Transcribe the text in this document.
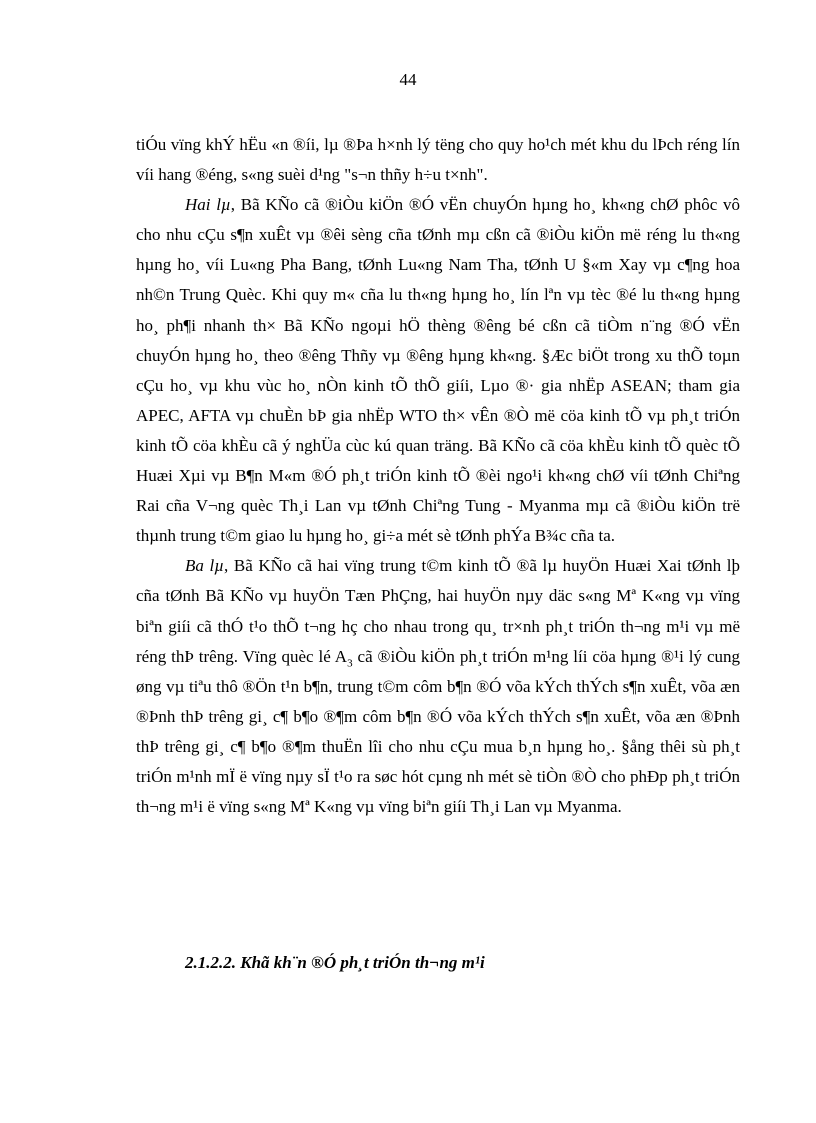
44

tiÓu vïng khÝ hËu «n ®íi, lµ ®Þa h×nh lý tëng cho quy ho¹ch mét khu du lÞch réng lín víi hang ®éng, s«ng suèi d¹ng "s¬n thñy h÷u t×nh".

Hai lµ, Bã KÑo cã ®iÒu kiÖn ®Ó vËn chuyÓn hµng ho¸ kh«ng chØ phôc vô cho nhu cÇu s¶n xuÊt vµ ®êi sèng cña tØnh mµ cßn cã ®iÒu kiÖn më réng lu th«ng hµng ho¸ víi Lu«ng Pha Bang, tØnh Lu«ng Nam Tha, tØnh U §«m Xay vµ c¶ng hoa nh©n Trung Quèc. Khi quy m« cña lu th«ng hµng ho¸ lín lªn vµ tèc ®é lu th«ng hµng ho¸ ph¶i nhanh th× Bã KÑo ngoµi hÖ thèng ®êng bé cßn cã tiÒm n¨ng ®Ó vËn chuyÓn hµng ho¸ theo ®êng Thñy vµ ®êng hµng kh«ng. §Æc biÖt trong xu thÕ toµn cÇu ho¸ vµ khu vùc ho¸ nÒn kinh tÕ thÕ giíi, Lµo ®· gia nhËp ASEAN; tham gia APEC, AFTA vµ chuÈn bÞ gia nhËp WTO th× vÊn ®Ò më cöa kinh tÕ vµ ph¸t triÓn kinh tÕ cöa khÈu cã ý nghÜa cùc kú quan träng. Bã KÑo cã cöa khÈu kinh tÕ quèc tÕ Huæi Xµi vµ B¶n M«m ®Ó ph¸t triÓn kinh tÕ ®èi ngo¹i kh«ng chØ víi tØnh Chiªng Rai cña V¬ng quèc Th¸i Lan vµ tØnh Chiªng Tung - Myanma mµ cã ®iÒu kiÖn trë thµnh trung t©m giao lu hµng ho¸ gi÷a mét sè tØnh phÝa B¾c cña ta.

Ba lµ, Bã KÑo cã hai vïng trung t©m kinh tÕ ®ã lµ huyÖn Huæi Xai tØnh lþ cña tØnh Bã KÑo vµ huyÖn Tæn PhÇng, hai huyÖn nµy däc s«ng Mª K«ng vµ vïng biªn giíi cã thÓ t¹o thÕ t¬ng hç cho nhau trong qu¸ tr×nh ph¸t triÓn th¬ng m¹i vµ më réng thÞ trêng. Vïng quèc lé $A_3$ cã ®iÒu kiÖn ph¸t triÓn m¹ng líi cöa hµng ®¹i lý cung øng vµ tiªu thô ®Ön t¹n b¶n, trung t©m côm b¶n ®Ó võa kÝch thÝch s¶n xuÊt, võa æn ®Þnh thÞ trêng gi¸ c¶ b¶o ®¶m côm b¶n ®Ó võa kÝch thÝch s¶n xuÊt, võa æn ®Þnh thÞ trêng gi¸ c¶ b¶o ®¶m thuËn lîi cho nhu cÇu mua b¸n hµng ho¸. §ång thêi sù ph¸t triÓn m¹nh mÏ ë vïng nµy sÏ t¹o ra søc hót cµng nh mét sè tiÒn ®Ò cho phÐp ph¸t triÓn th¬ng m¹i ë vïng s«ng Mª K«ng vµ vïng biªn giíi Th¸i Lan vµ Myanma.

2.1.2.2. Khã kh¨n ®Ó ph¸t triÓn th¬ng m¹i
